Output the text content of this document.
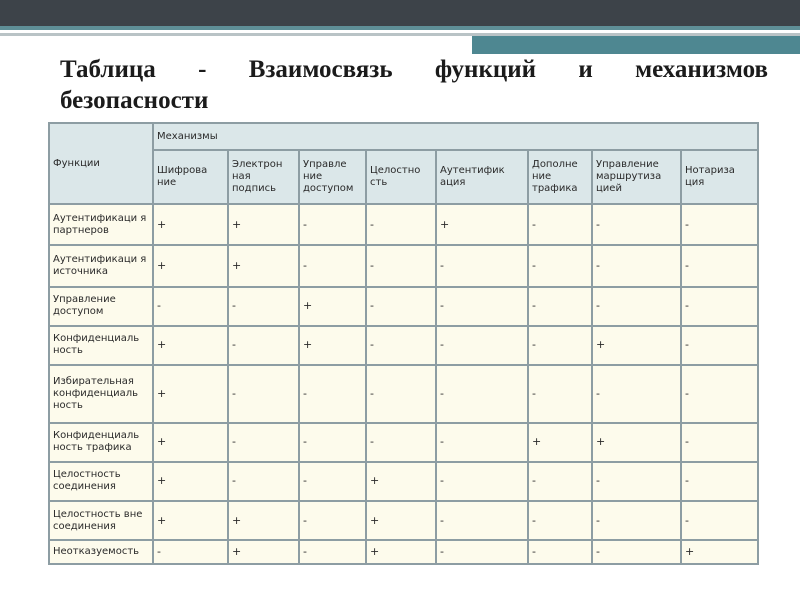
Таблица - Взаимосвязь функций и механизмов
безопасности
Функции	Механизмы							
	Шифрова ние	Электрон ная подпись	Управле ние доступом	Целостно сть	Аутентифик ация	Дополне ние трафика	Управление маршрутиза цией	Нотариза ция
Аутентификаци я партнеров	+	+	-	-	+	-	-	-
Аутентификаци я источника	+	+	-	-	-	-	-	-
Управление доступом	-	-	+	-	-	-	-	-
Конфиденциаль ность	+	-	+	-	-	-	+	-
Избирательная конфиденциаль ность	+	-	-	-	-	-	-	-
Конфиденциаль ность трафика	+	-	-	-	-	+	+	-
Целостность соединения	+	-	-	+	-	-	-	-
Целостность вне соединения	+	+	-	+	-	-	-	-
Неотказуемость	-	+	-	+	-	-	-	+
